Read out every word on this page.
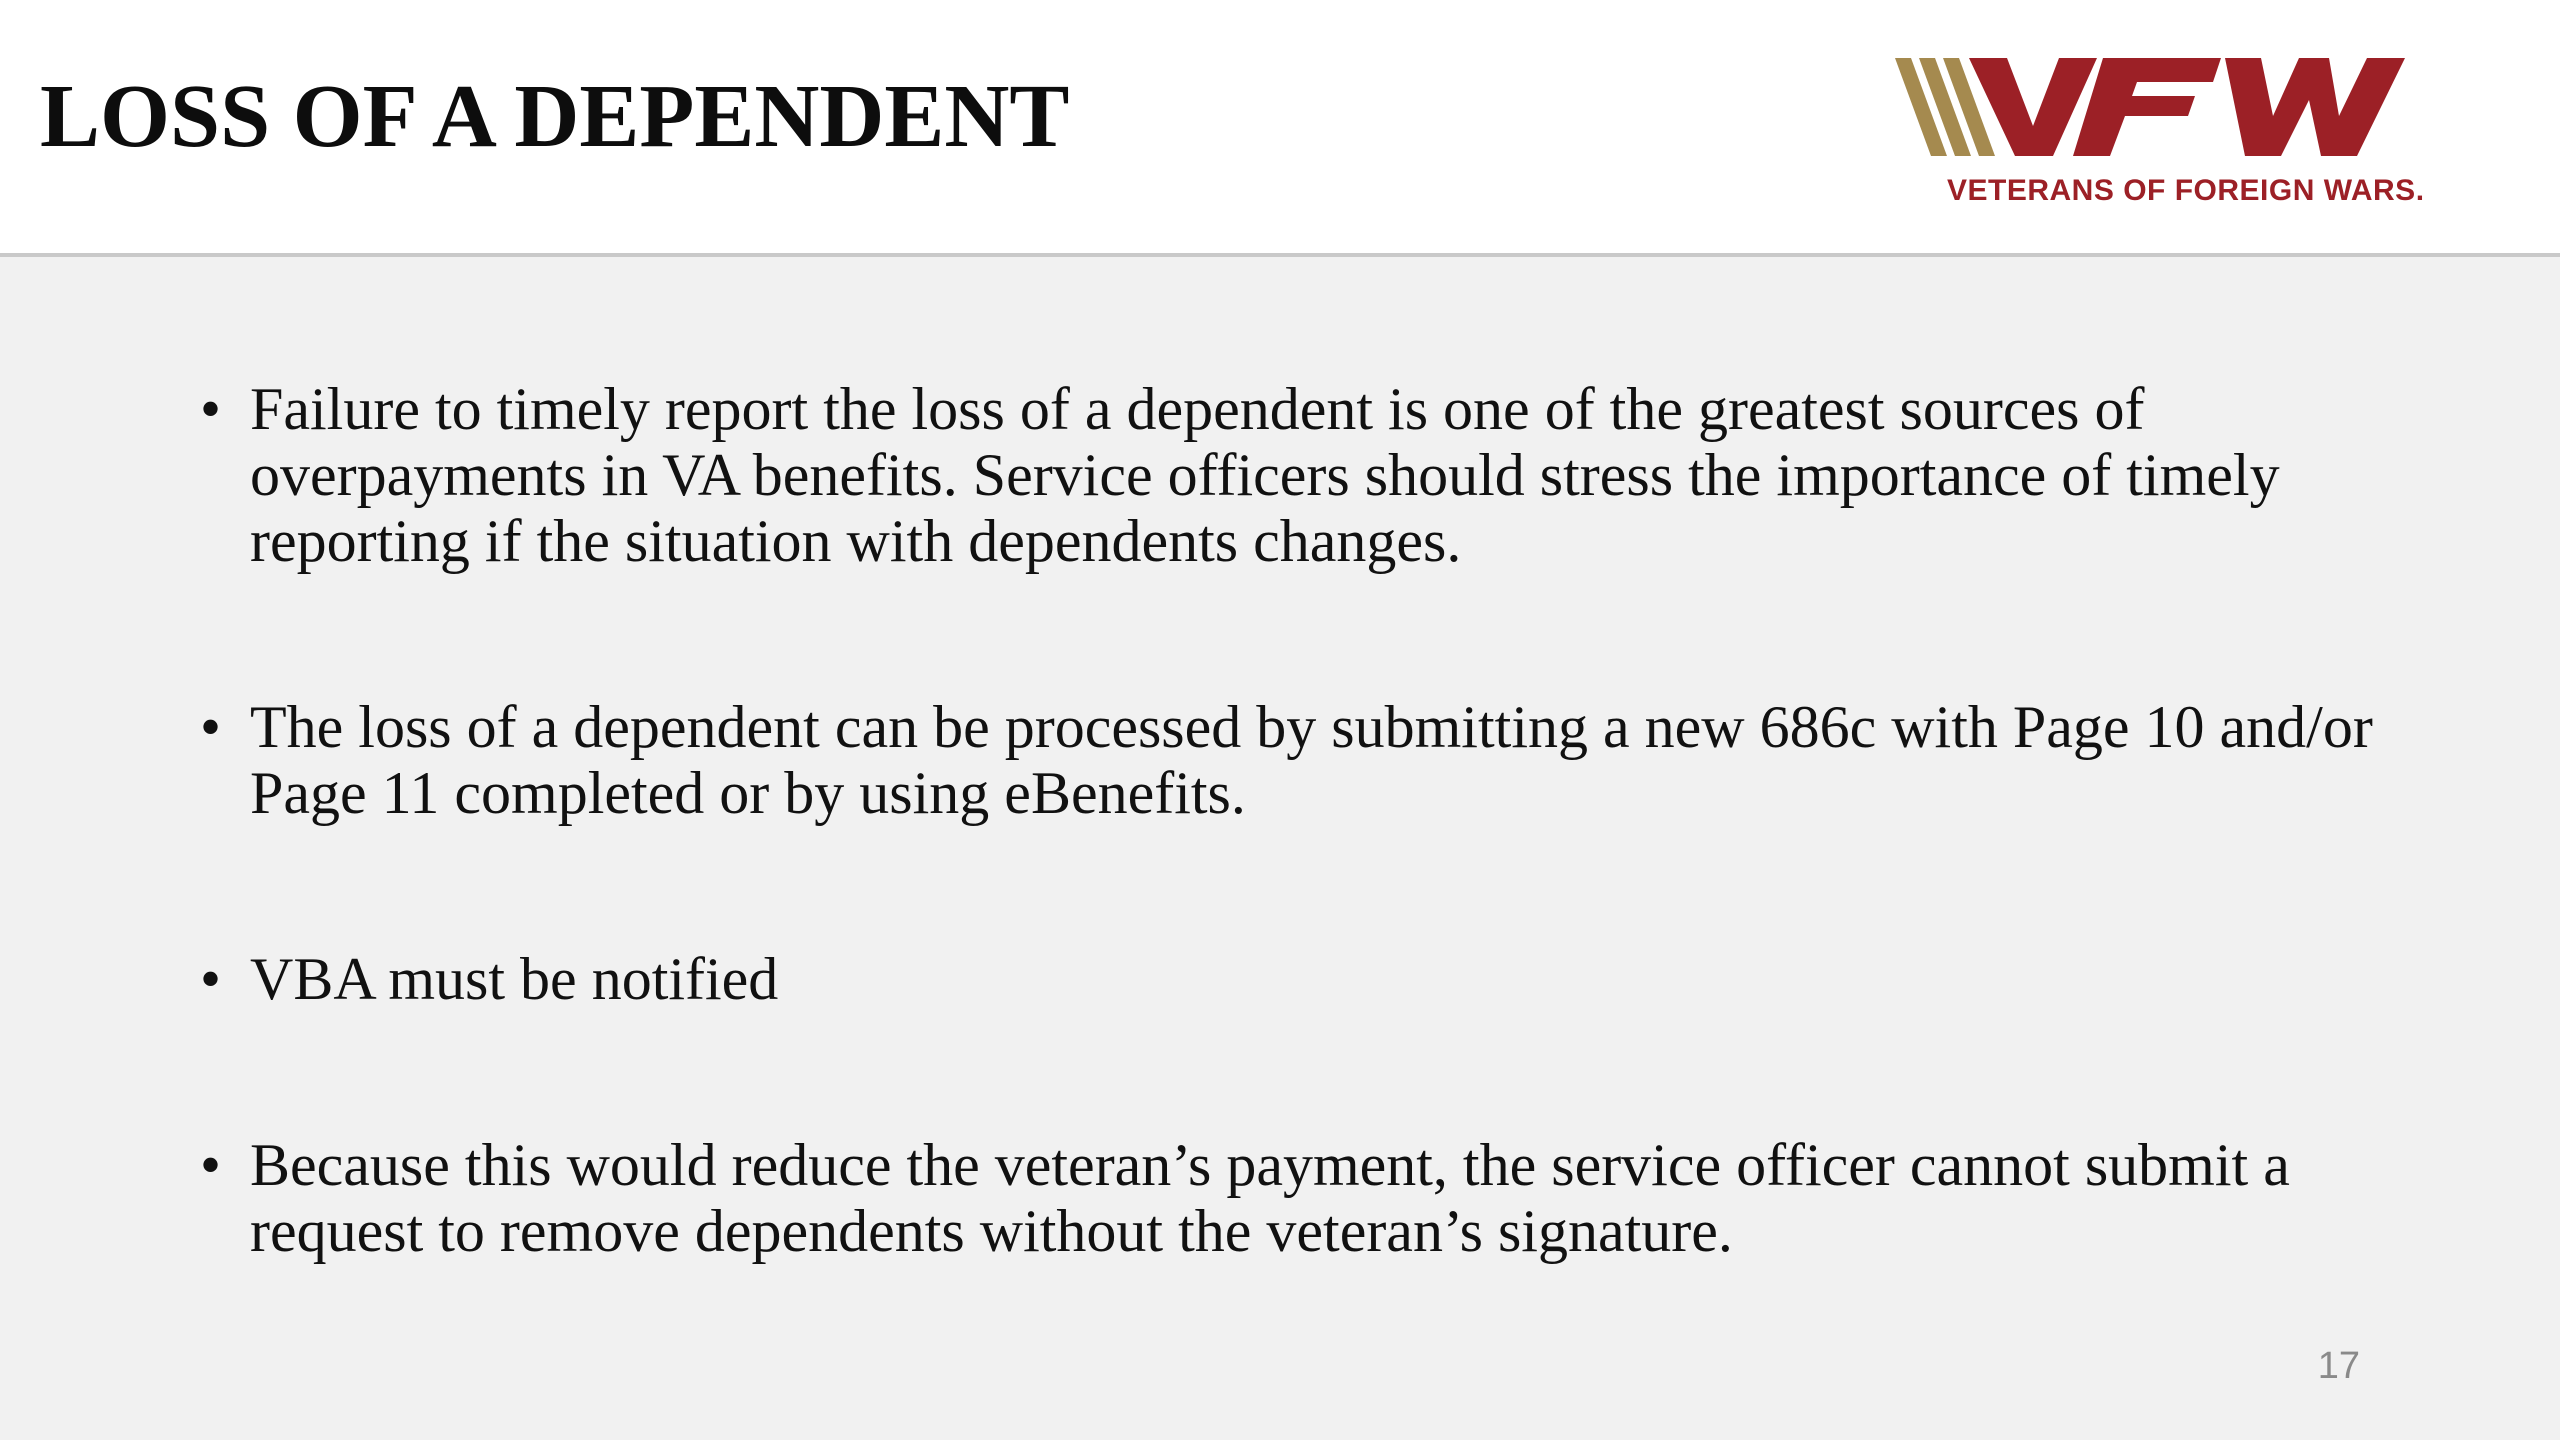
LOSS OF A DEPENDENT
VETERANS OF FOREIGN WARS.
• Failure to timely report the loss of a dependent is one of the greatest sources of overpayments in VA benefits. Service officers should stress the importance of timely reporting if the situation with dependents changes.
• The loss of a dependent can be processed by submitting a new 686c with Page 10 and/or Page 11 completed or by using eBenefits.
• VBA must be notified
• Because this would reduce the veteran’s payment, the service officer cannot submit a request to remove dependents without the veteran’s signature.
17
